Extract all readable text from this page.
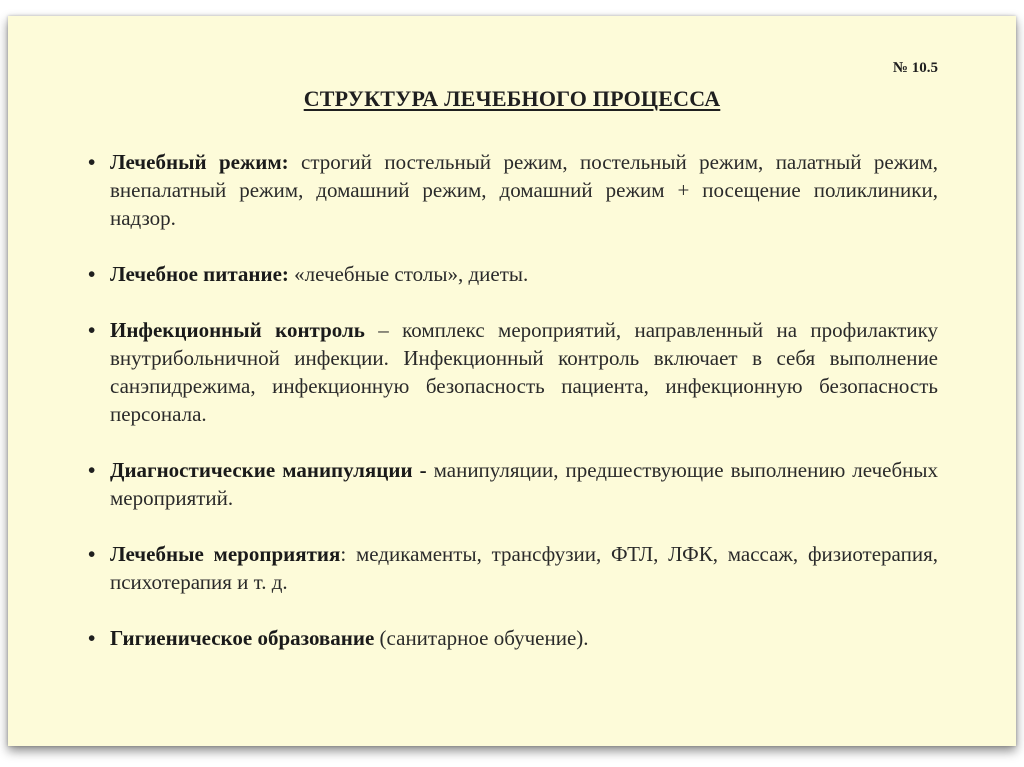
№ 10.5
СТРУКТУРА ЛЕЧЕБНОГО ПРОЦЕССА
• Лечебный режим: строгий постельный режим, постельный режим, палатный режим, внепалатный режим, домашний режим, домашний режим + посещение поликлиники, надзор.
• Лечебное питание: «лечебные столы», диеты.
• Инфекционный контроль – комплекс мероприятий, направленный на профилактику внутрибольничной инфекции. Инфекционный контроль включает в себя выполнение санэпидрежима, инфекционную безопасность пациента, инфекционную безопасность персонала.
• Диагностические манипуляции - манипуляции, предшествующие выполнению лечебных мероприятий.
• Лечебные мероприятия: медикаменты, трансфузии, ФТЛ, ЛФК, массаж, физиотерапия, психотерапия и т. д.
• Гигиеническое образование (санитарное обучение).
